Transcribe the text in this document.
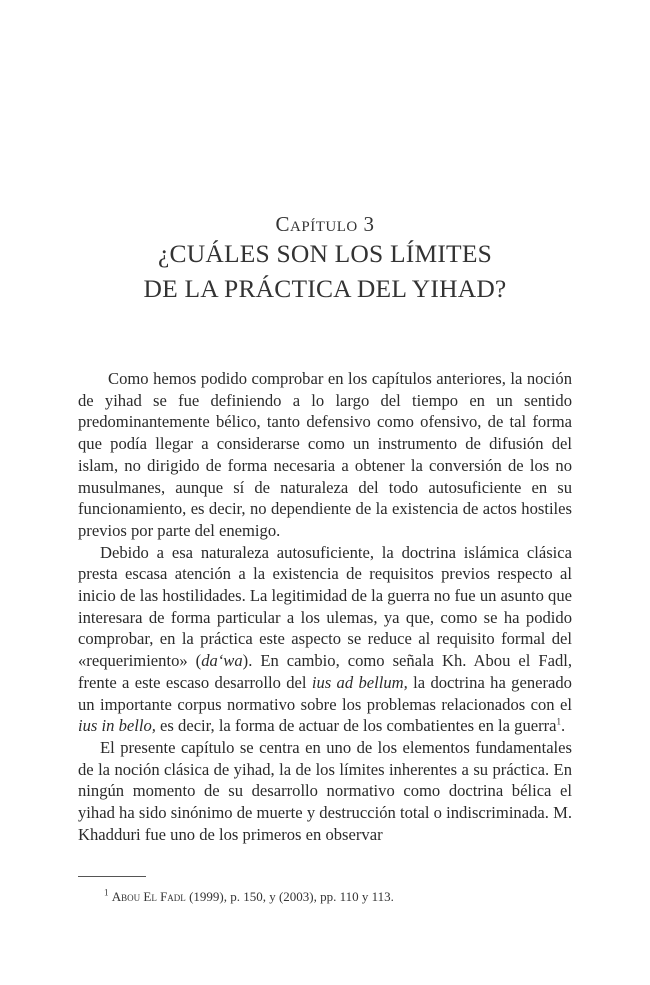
Capítulo 3
¿CUÁLES SON LOS LÍMITES
DE LA PRÁCTICA DEL YIHAD?

Como hemos podido comprobar en los capítulos anteriores, la noción de yihad se fue definiendo a lo largo del tiempo en un sentido predominantemente bélico, tanto defensivo como ofensivo, de tal forma que podía llegar a considerarse como un instrumento de difusión del islam, no dirigido de forma necesaria a obtener la conversión de los no musulmanes, aunque sí de naturaleza del todo autosuficiente en su funcionamiento, es decir, no dependiente de la existencia de actos hostiles previos por parte del enemigo.

Debido a esa naturaleza autosuficiente, la doctrina islámica clásica presta escasa atención a la existencia de requisitos previos respecto al inicio de las hostilidades. La legitimidad de la guerra no fue un asunto que interesara de forma particular a los ulemas, ya que, como se ha podido comprobar, en la práctica este aspecto se reduce al requisito formal del «requerimiento» (da‘wa). En cambio, como señala Kh. Abou el Fadl, frente a este escaso desarrollo del ius ad bellum, la doctrina ha generado un importante corpus normativo sobre los problemas relacionados con el ius in bello, es decir, la forma de actuar de los combatientes en la guerra$^1$.

El presente capítulo se centra en uno de los elementos fundamentales de la noción clásica de yihad, la de los límites inherentes a su práctica. En ningún momento de su desarrollo normativo como doctrina bélica el yihad ha sido sinónimo de muerte y destrucción total o indiscriminada. M. Khadduri fue uno de los primeros en observar

$^1$ Abou El Fadl (1999), p. 150, y (2003), pp. 110 y 113.
